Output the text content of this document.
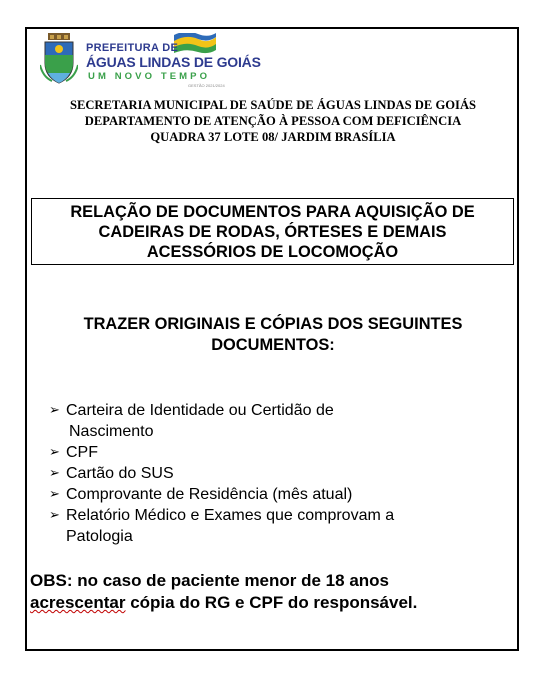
PREFEITURA DE
ÁGUAS LINDAS DE GOIÁS
UM NOVO TEMPO
GESTÃO 2021/2024
SECRETARIA MUNICIPAL DE SAÚDE DE ÁGUAS LINDAS DE GOIÁS
DEPARTAMENTO DE ATENÇÃO À PESSOA COM DEFICIÊNCIA
QUADRA 37 LOTE 08/ JARDIM BRASÍLIA
RELAÇÃO DE DOCUMENTOS PARA AQUISIÇÃO DE
CADEIRAS DE RODAS, ÓRTESES E DEMAIS
ACESSÓRIOS DE LOCOMOÇÃO
TRAZER ORIGINAIS E CÓPIAS DOS SEGUINTES
DOCUMENTOS:
➢ Carteira de Identidade ou Certidão de
Nascimento
➢ CPF
➢ Cartão do SUS
➢ Comprovante de Residência (mês atual)
➢ Relatório Médico e Exames que comprovam a
Patologia
OBS: no caso de paciente menor de 18 anos
acrescentar cópia do RG e CPF do responsável.
